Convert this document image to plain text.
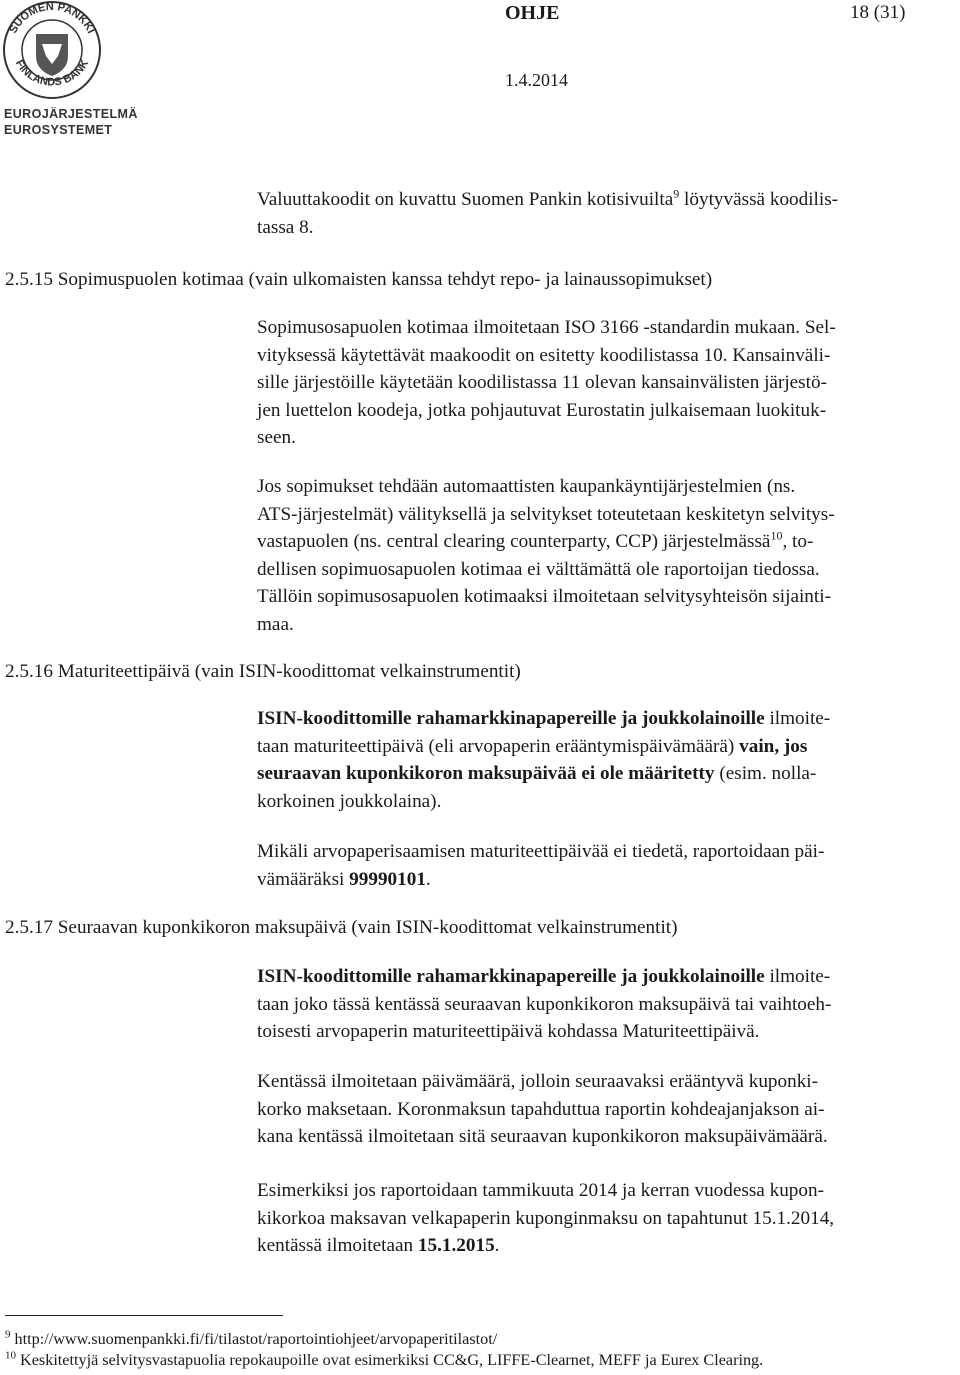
SUOMEN PANKKI
FINLANDS BANK
EUROJÄRJESTELMÄ
EUROSYSTEMET
OHJE	18 (31)
1.4.2014
Valuuttakoodit on kuvattu Suomen Pankin kotisivuilta$^9$ löytyvässä koodilis-
tassa 8.
2.5.15 Sopimuspuolen kotimaa (vain ulkomaisten kanssa tehdyt repo- ja lainaussopimukset)
Sopimusosapuolen kotimaa ilmoitetaan ISO 3166 -standardin mukaan. Sel-
vityksessä käytettävät maakoodit on esitetty koodilistassa 10. Kansainväli-
sille järjestöille käytetään koodilistassa 11 olevan kansainvälisten järjestö-
jen luettelon koodeja, jotka pohjautuvat Eurostatin julkaisemaan luokituk-
seen.
Jos sopimukset tehdään automaattisten kaupankäyntijärjestelmien (ns.
ATS-järjestelmät) välityksellä ja selvitykset toteutetaan keskitetyn selvitys-
vastapuolen (ns. central clearing counterparty, CCP) järjestelmässä$^{10}$, to-
dellisen sopimuosapuolen kotimaa ei välttämättä ole raportoijan tiedossa.
Tällöin sopimusosapuolen kotimaaksi ilmoitetaan selvitysyhteisön sijainti-
maa.
2.5.16 Maturiteettipäivä (vain ISIN-koodittomat velkainstrumentit)
ISIN-koodittomille rahamarkkinapapereille ja joukkolainoille ilmoite-
taan maturiteettipäivä (eli arvopaperin erääntymispäivämäärä) vain, jos
seuraavan kuponkikoron maksupäivää ei ole määritetty (esim. nolla-
korkoinen joukkolaina).
Mikäli arvopaperisaamisen maturiteettipäivää ei tiedetä, raportoidaan päi-
vämääräksi 99990101.
2.5.17 Seuraavan kuponkikoron maksupäivä (vain ISIN-koodittomat velkainstrumentit)
ISIN-koodittomille rahamarkkinapapereille ja joukkolainoille ilmoite-
taan joko tässä kentässä seuraavan kuponkikoron maksupäivä tai vaihtoeh-
toisesti arvopaperin maturiteettipäivä kohdassa Maturiteettipäivä.
Kentässä ilmoitetaan päivämäärä, jolloin seuraavaksi erääntyvä kuponki-
korko maksetaan. Koronmaksun tapahduttua raportin kohdeajanjakson ai-
kana kentässä ilmoitetaan sitä seuraavan kuponkikoron maksupäivämäärä.
Esimerkiksi jos raportoidaan tammikuuta 2014 ja kerran vuodessa kupon-
kikorkoa maksavan velkapaperin kuponginmaksu on tapahtunut 15.1.2014,
kentässä ilmoitetaan 15.1.2015.
$^9$ http://www.suomenpankki.fi/fi/tilastot/raportointiohjeet/arvopaperitilastot/
$^{10}$ Keskitettyjä selvitysvastapuolia repokaupoille ovat esimerkiksi CC&G, LIFFE-Clearnet, MEFF ja Eurex Clearing.
